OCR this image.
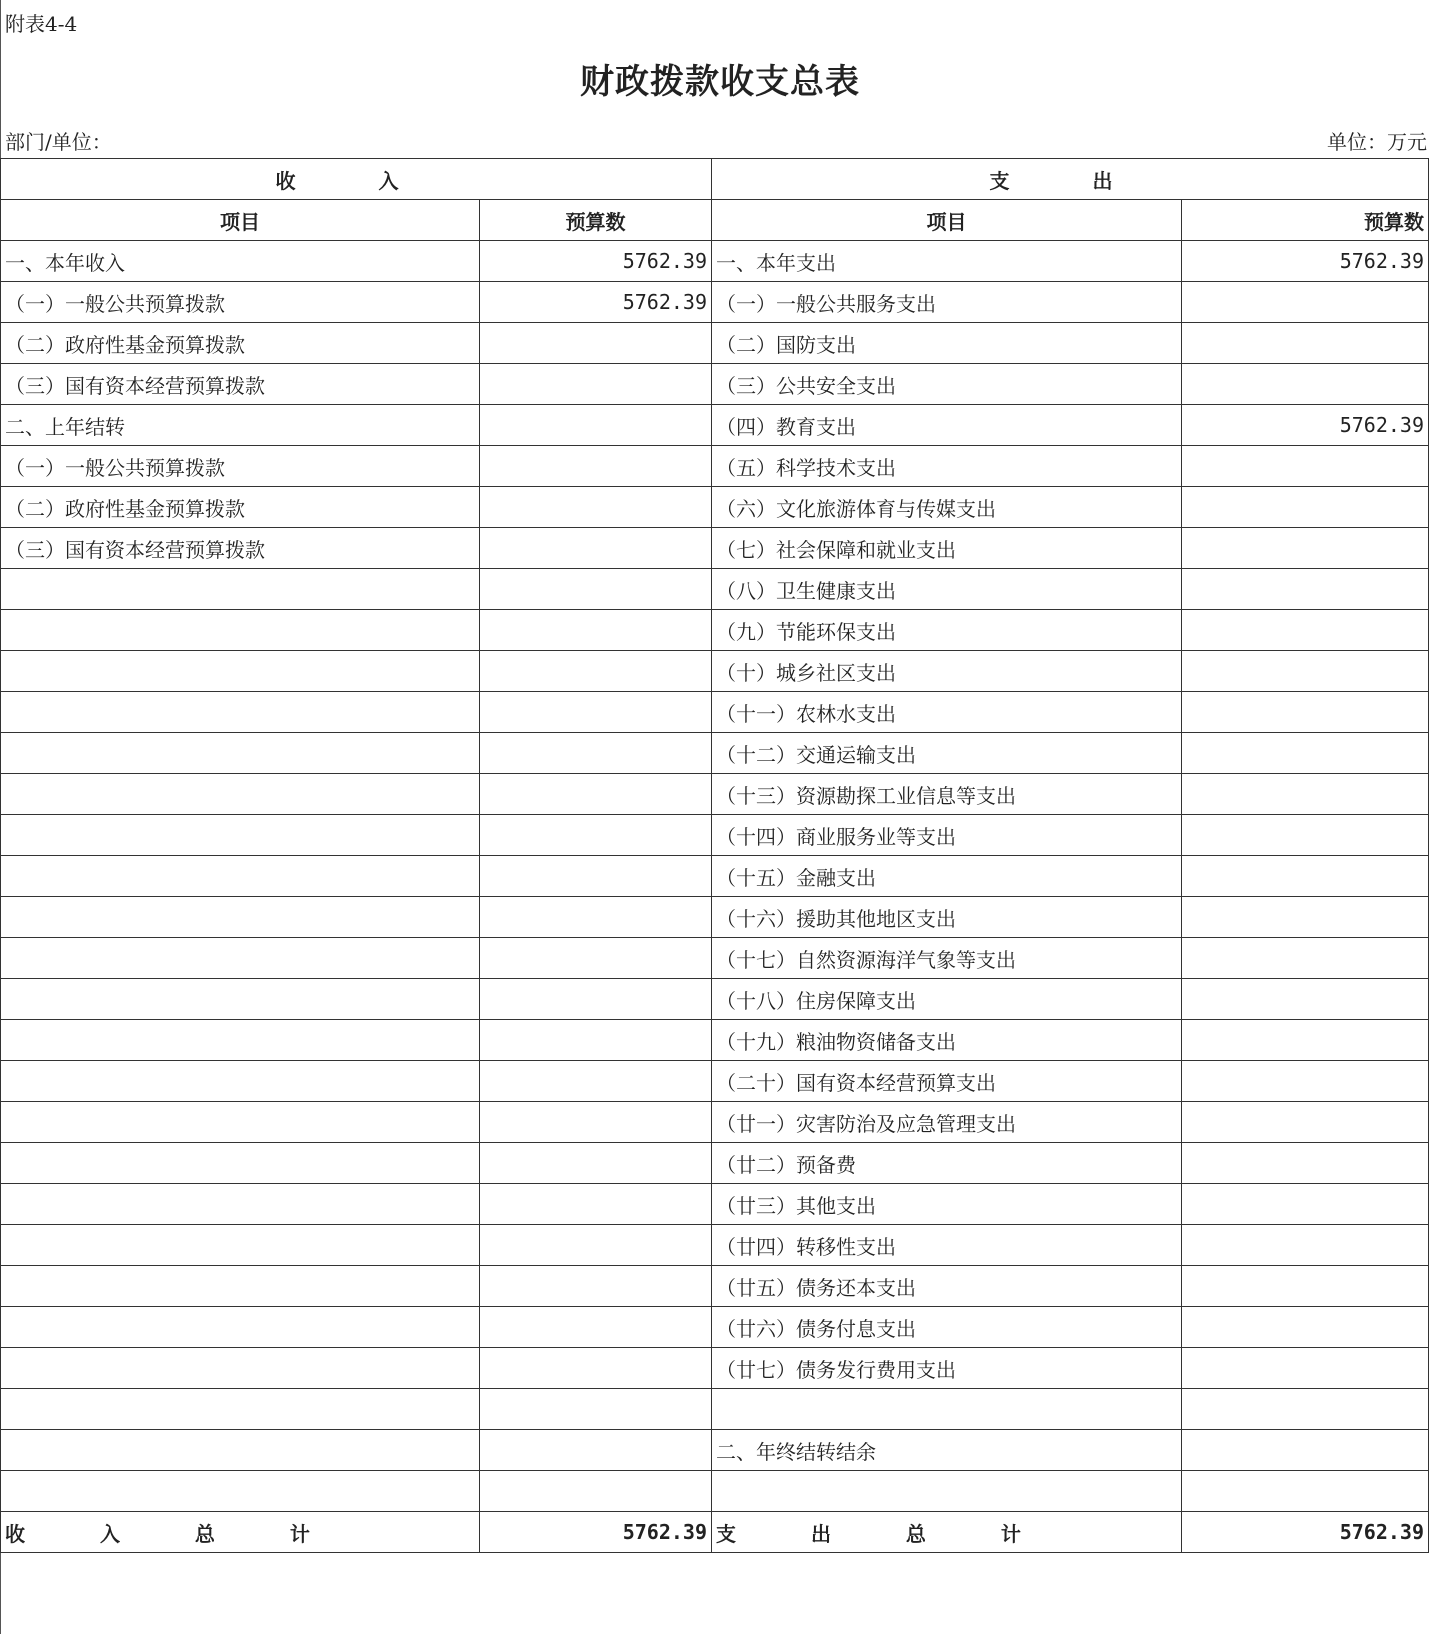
附表4-4
财政拨款收支总表
部门/单位：	单位：万元
收 入		支 出	
项目	预算数	项目	预算数
一、本年收入	5762.39	一、本年支出	5762.39
（一）一般公共预算拨款	5762.39	（一）一般公共服务支出	
（二）政府性基金预算拨款		（二）国防支出	
（三）国有资本经营预算拨款		（三）公共安全支出	
二、上年结转		（四）教育支出	5762.39
（一）一般公共预算拨款		（五）科学技术支出	
（二）政府性基金预算拨款		（六）文化旅游体育与传媒支出	
（三）国有资本经营预算拨款		（七）社会保障和就业支出	
		（八）卫生健康支出	
		（九）节能环保支出	
		（十）城乡社区支出	
		（十一）农林水支出	
		（十二）交通运输支出	
		（十三）资源勘探工业信息等支出	
		（十四）商业服务业等支出	
		（十五）金融支出	
		（十六）援助其他地区支出	
		（十七）自然资源海洋气象等支出	
		（十八）住房保障支出	
		（十九）粮油物资储备支出	
		（二十）国有资本经营预算支出	
		（廿一）灾害防治及应急管理支出	
		（廿二）预备费	
		（廿三）其他支出	
		（廿四）转移性支出	
		（廿五）债务还本支出	
		（廿六）债务付息支出	
		（廿七）债务发行费用支出	

		二、年终结转结余	

收 入 总 计	5762.39	支 出 总 计	5762.39
